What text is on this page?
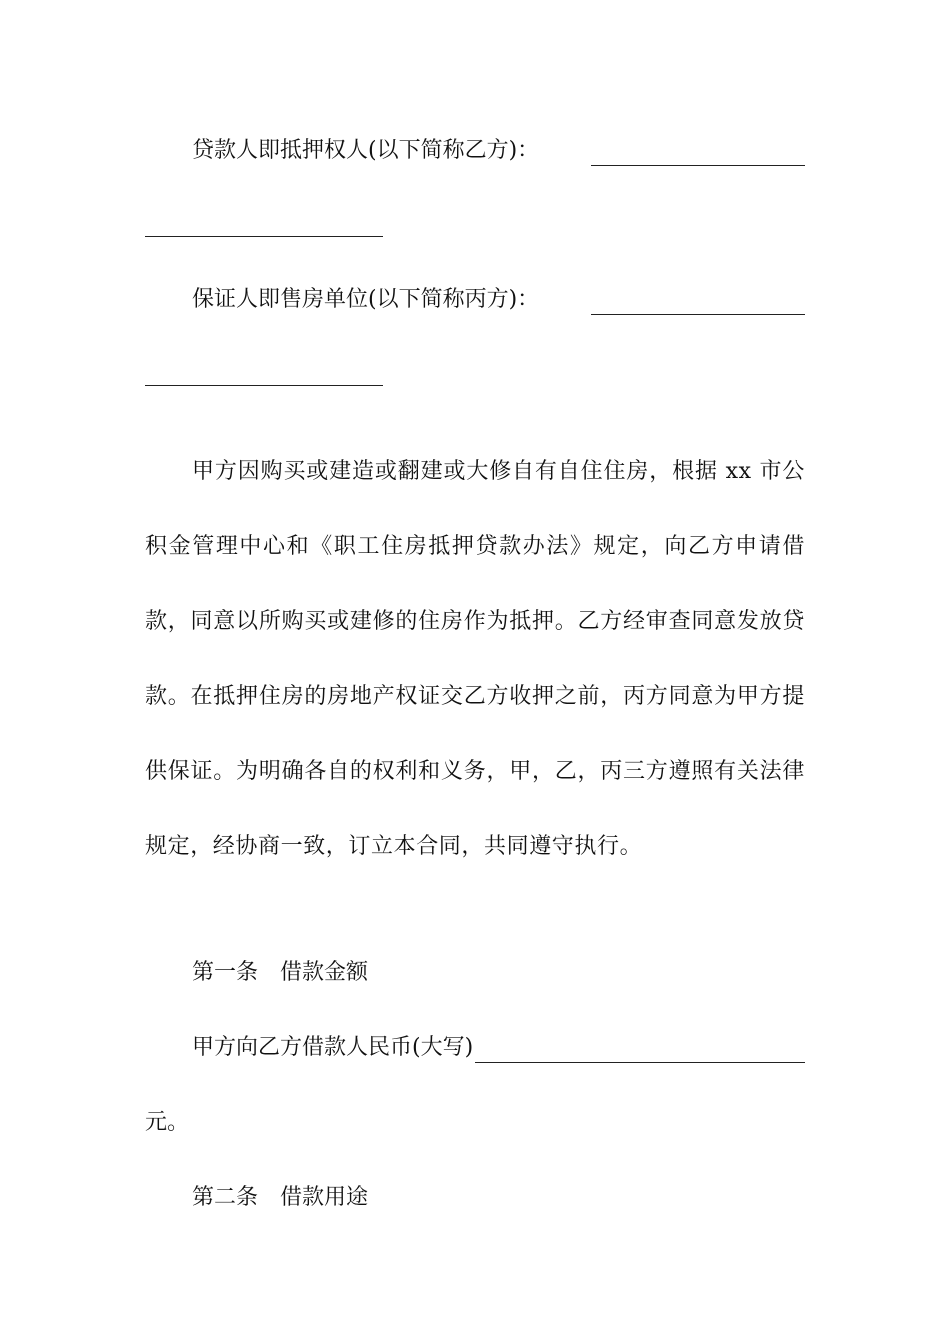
贷款人即抵押权人(以下简称乙方)：
保证人即售房单位(以下简称丙方)：
甲方因购买或建造或翻建或大修自有自住住房，根据 xx 市公积金管理中心和《职工住房抵押贷款办法》规定，向乙方申请借款，同意以所购买或建修的住房作为抵押。乙方经审查同意发放贷款。在抵押住房的房地产权证交乙方收押之前，丙方同意为甲方提供保证。为明确各自的权利和义务，甲，乙，丙三方遵照有关法律规定，经协商一致，订立本合同，共同遵守执行。
第一条　借款金额
甲方向乙方借款人民币(大写)
元。
第二条　借款用途
